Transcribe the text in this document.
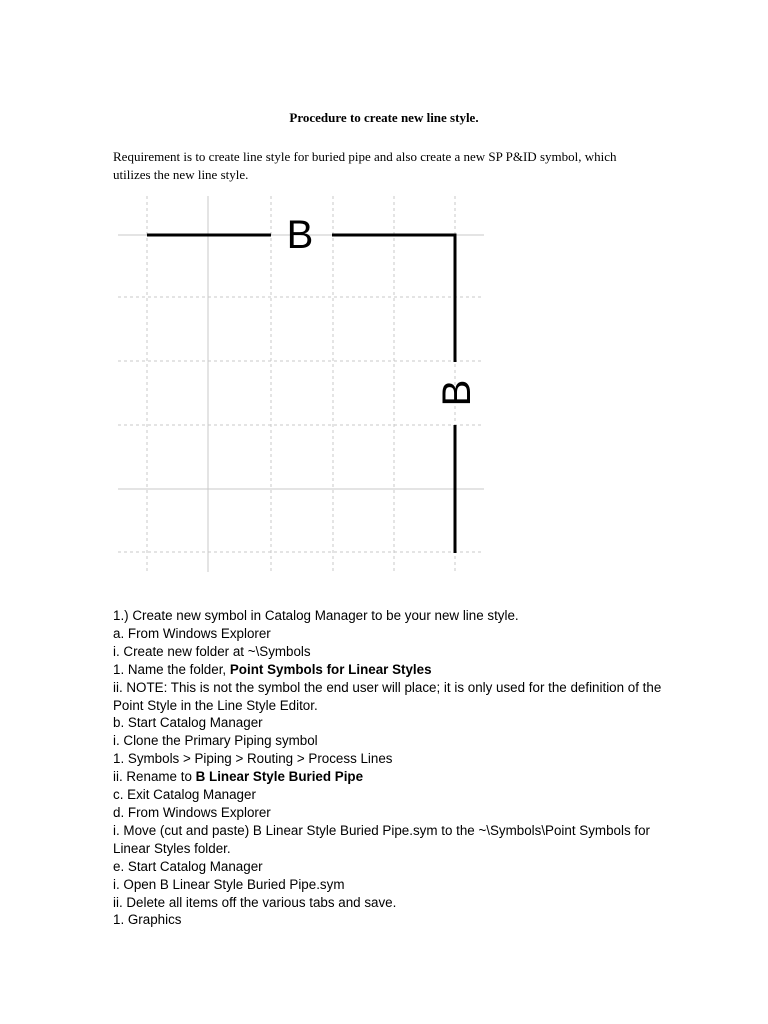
Procedure to create new line style.
Requirement is to create line style for buried pipe and also create a new SP P&ID symbol, which utilizes the new line style.
B
B
1.) Create new symbol in Catalog Manager to be your new line style.
a. From Windows Explorer
i. Create new folder at ~\Symbols
1. Name the folder, Point Symbols for Linear Styles
ii. NOTE: This is not the symbol the end user will place; it is only used for the definition of the Point Style in the Line Style Editor.
b. Start Catalog Manager
i. Clone the Primary Piping symbol
1. Symbols > Piping > Routing > Process Lines
ii. Rename to B Linear Style Buried Pipe
c. Exit Catalog Manager
d. From Windows Explorer
i. Move (cut and paste) B Linear Style Buried Pipe.sym to the ~\Symbols\Point Symbols for Linear Styles folder.
e. Start Catalog Manager
i. Open B Linear Style Buried Pipe.sym
ii. Delete all items off the various tabs and save.
1. Graphics
